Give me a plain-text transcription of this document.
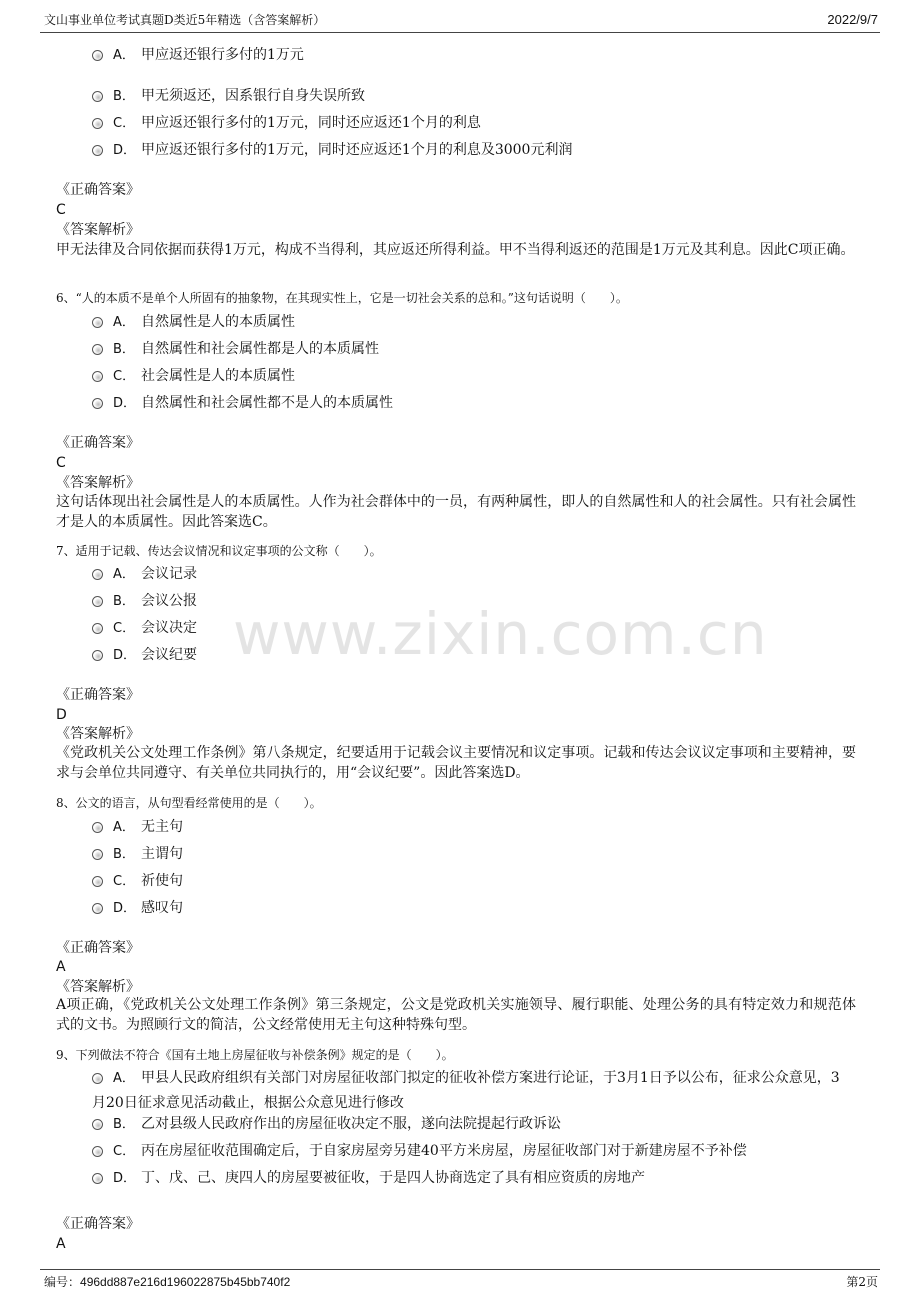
文山事业单位考试真题D类近5年精选（含答案解析）	2022/9/7
www.zixin.com.cn
A． 甲应返还银行多付的1万元
B． 甲无须返还，因系银行自身失误所致
C． 甲应返还银行多付的1万元，同时还应返还1个月的利息
D． 甲应返还银行多付的1万元，同时还应返还1个月的利息及3000元利润
《正确答案》
C
《答案解析》
甲无法律及合同依据而获得1万元，构成不当得利，其应返还所得利益。甲不当得利返还的范围是1万元及其利息。因此C项正确。
6、“人的本质不是单个人所固有的抽象物，在其现实性上，它是一切社会关系的总和。”这句话说明（　　）。
A． 自然属性是人的本质属性
B． 自然属性和社会属性都是人的本质属性
C． 社会属性是人的本质属性
D． 自然属性和社会属性都不是人的本质属性
《正确答案》
C
《答案解析》
这句话体现出社会属性是人的本质属性。人作为社会群体中的一员，有两种属性，即人的自然属性和人的社会属性。只有社会属性才是人的本质属性。因此答案选C。
7、适用于记载、传达会议情况和议定事项的公文称（　　）。
A． 会议记录
B． 会议公报
C． 会议决定
D． 会议纪要
《正确答案》
D
《答案解析》
《党政机关公文处理工作条例》第八条规定，纪要适用于记载会议主要情况和议定事项。记载和传达会议议定事项和主要精神，要求与会单位共同遵守、有关单位共同执行的，用“会议纪要”。因此答案选D。
8、公文的语言，从句型看经常使用的是（　　）。
A． 无主句
B． 主谓句
C． 祈使句
D． 感叹句
《正确答案》
A
《答案解析》
A项正确，《党政机关公文处理工作条例》第三条规定，公文是党政机关实施领导、履行职能、处理公务的具有特定效力和规范体式的文书。为照顾行文的简洁，公文经常使用无主句这种特殊句型。
9、下列做法不符合《国有土地上房屋征收与补偿条例》规定的是（　　）。
A． 甲县人民政府组织有关部门对房屋征收部门拟定的征收补偿方案进行论证，于3月1日予以公布，征求公众意见，3月20日征求意见活动截止，根据公众意见进行修改
B． 乙对县级人民政府作出的房屋征收决定不服，遂向法院提起行政诉讼
C． 丙在房屋征收范围确定后，于自家房屋旁另建40平方米房屋，房屋征收部门对于新建房屋不予补偿
D． 丁、戊、己、庚四人的房屋要被征收，于是四人协商选定了具有相应资质的房地产
《正确答案》
A
编号：496dd887e216d196022875b45bb740f2	第2页
